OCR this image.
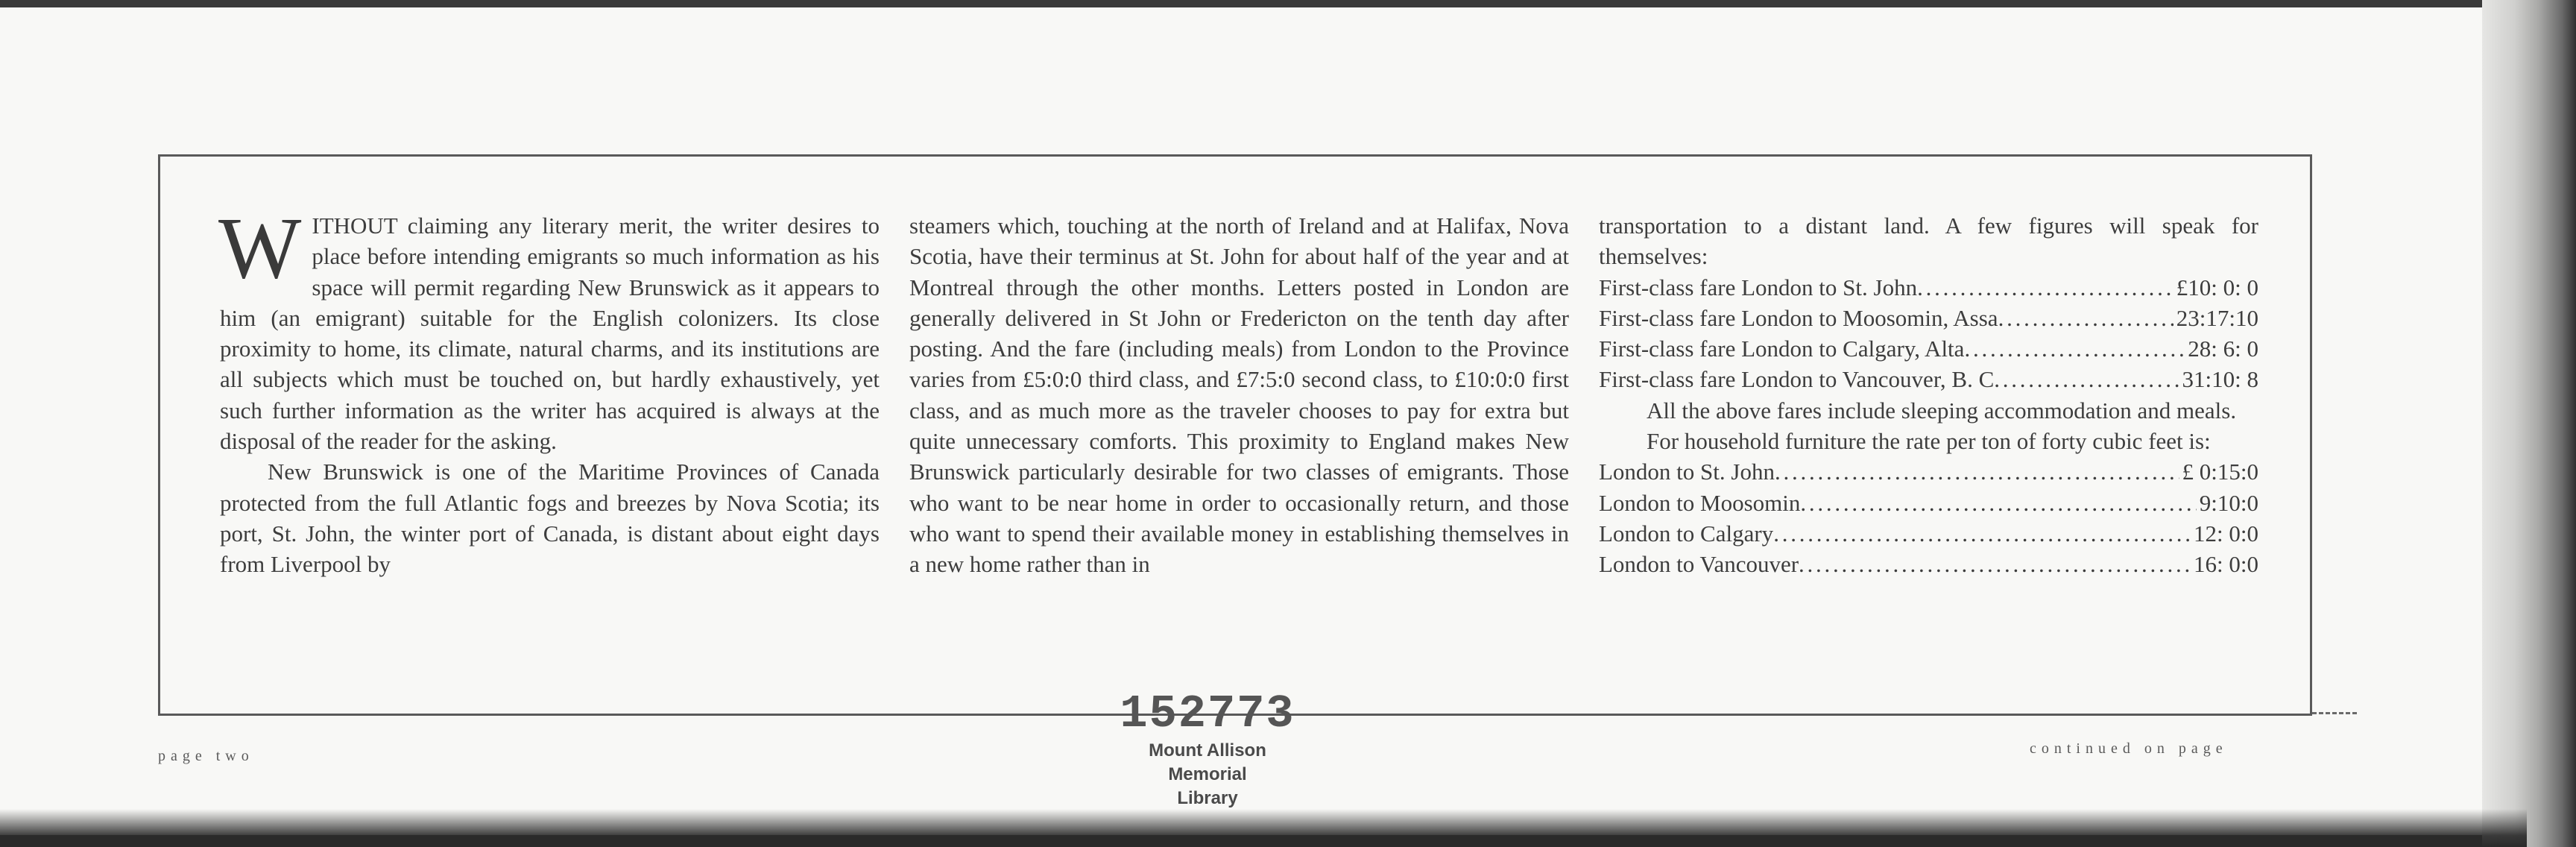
WITHOUT claiming any literary merit, the writer desires to place before intending emigrants so much information as his space will permit regarding New Brunswick as it appears to him (an emigrant) suitable for the English colonizers. Its close proximity to home, its climate, natural charms, and its institutions are all subjects which must be touched on, but hardly exhaustively, yet such further information as the writer has acquired is always at the disposal of the reader for the asking.

New Brunswick is one of the Maritime Provinces of Canada protected from the full Atlantic fogs and breezes by Nova Scotia; its port, St. John, the winter port of Canada, is distant about eight days from Liverpool by

steamers which, touching at the north of Ireland and at Halifax, Nova Scotia, have their terminus at St. John for about half of the year and at Montreal through the other months. Letters posted in London are generally delivered in St John or Fredericton on the tenth day after posting. And the fare (including meals) from London to the Province varies from £5:0:0 third class, and £7:5:0 second class, to £10:0:0 first class, and as much more as the traveler chooses to pay for extra but quite unnecessary comforts. This proximity to England makes New Brunswick particularly desirable for two classes of emigrants. Those who want to be near home in order to occasionally return, and those who want to spend their available money in establishing themselves in a new home rather than in

transportation to a distant land. A few figures will speak for themselves:

First-class fare London to St. John . . .	£10: 0: 0
First-class fare London to Moosomin, Assa . . .	23:17:10
First-class fare London to Calgary, Alta . . .	28: 6: 0
First-class fare London to Vancouver, B. C . . .	31:10: 8

All the above fares include sleeping accommodation and meals.

For household furniture the rate per ton of forty cubic feet is:

London to St. John . . .	£ 0:15:0
London to Moosomin . . .	9:10:0
London to Calgary . . .	12: 0:0
London to Vancouver . . .	16: 0:0
page two	continued on page
152773
Mount Allison
Memorial
Library
